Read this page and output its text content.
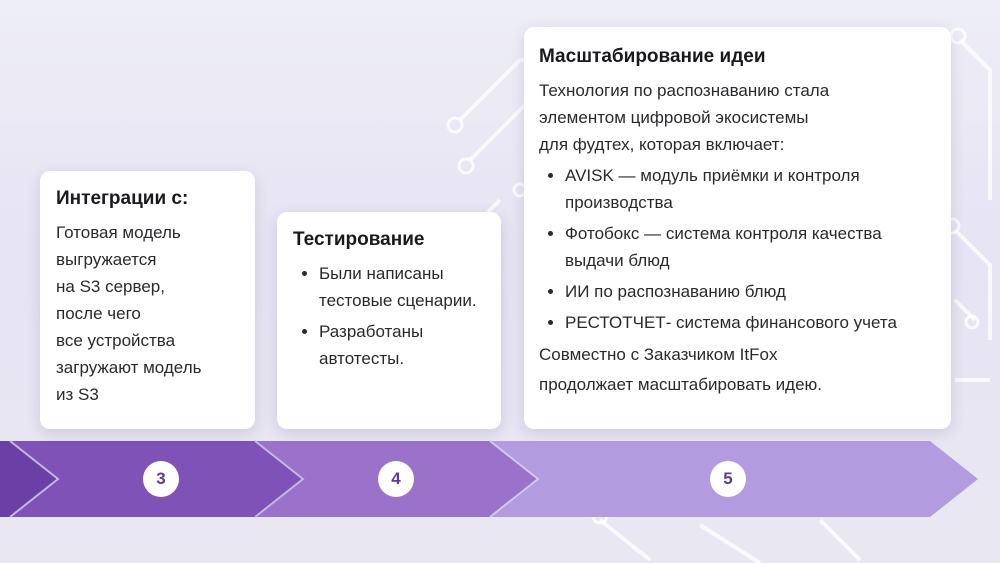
3	4	5
Интеграции с:

Готовая модель

выгружается

на S3 сервер,

после чего

все устройства

загружают модель

из S3

Тестирование
• Были написаны тестовые сценарии.
• Разработаны автотесты.
Масштабирование идеи

Технология по распознаванию стала

элементом цифровой экосистемы

для фудтех, которая включает:

• AVISK — модуль приёмки и контроля производства
• Фотобокс — система контроля качества выдачи блюд
• ИИ по распознаванию блюд
• РЕСТОТЧЕТ- система финансового учета

Совместно с Заказчиком ItFox

продолжает масштабировать идею.
